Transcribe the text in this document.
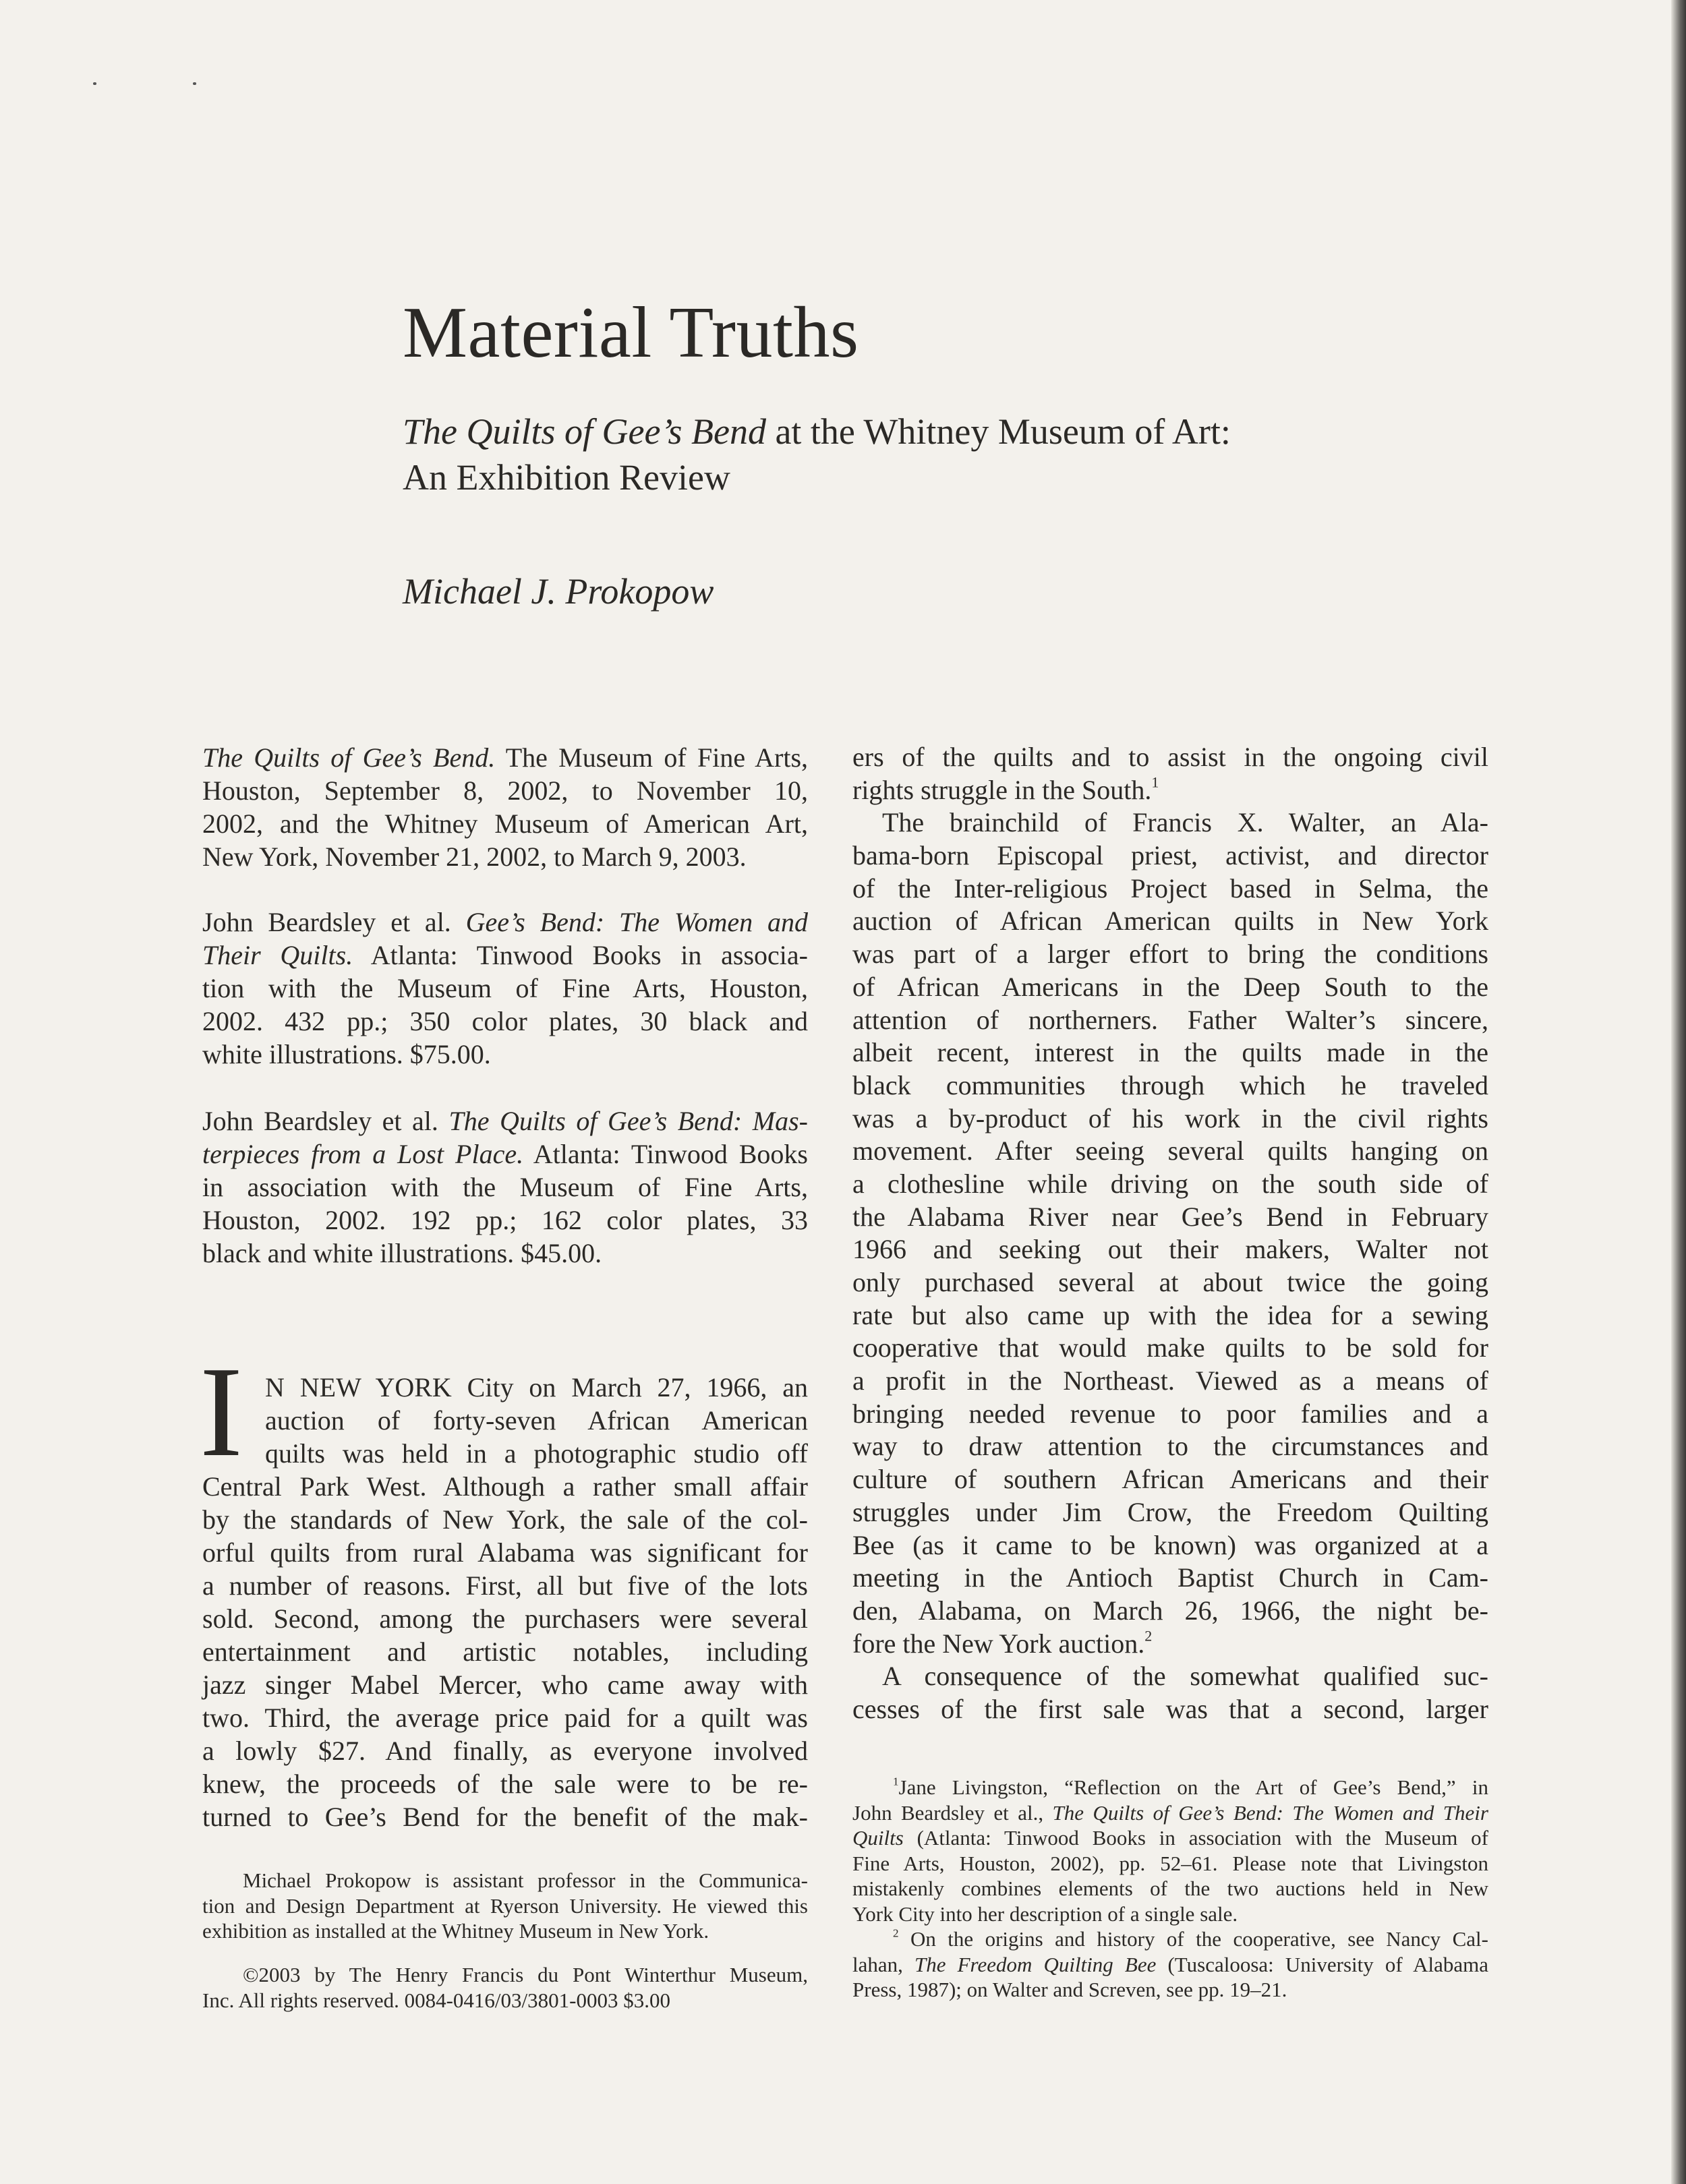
Material Truths
The Quilts of Gee’s Bend at the Whitney Museum of Art:
An Exhibition Review
Michael J. Prokopow
The Quilts of Gee’s Bend. The Museum of Fine Arts,
Houston, September 8, 2002, to November 10,
2002, and the Whitney Museum of American Art,
New York, November 21, 2002, to March 9, 2003.
John Beardsley et al. Gee’s Bend: The Women and
Their Quilts. Atlanta: Tinwood Books in associa-
tion with the Museum of Fine Arts, Houston,
2002. 432 pp.; 350 color plates, 30 black and
white illustrations. $75.00.
John Beardsley et al. The Quilts of Gee’s Bend: Mas-
terpieces from a Lost Place. Atlanta: Tinwood Books
in association with the Museum of Fine Arts,
Houston, 2002. 192 pp.; 162 color plates, 33
black and white illustrations. $45.00.
I N NEW YORK City on March 27, 1966, an
auction of forty-seven African American
quilts was held in a photographic studio off
Central Park West. Although a rather small affair
by the standards of New York, the sale of the col-
orful quilts from rural Alabama was significant for
a number of reasons. First, all but five of the lots
sold. Second, among the purchasers were several
entertainment and artistic notables, including
jazz singer Mabel Mercer, who came away with
two. Third, the average price paid for a quilt was
a lowly $27. And finally, as everyone involved
knew, the proceeds of the sale were to be re-
turned to Gee’s Bend for the benefit of the mak-
Michael Prokopow is assistant professor in the Communica-
tion and Design Department at Ryerson University. He viewed this
exhibition as installed at the Whitney Museum in New York.
©2003 by The Henry Francis du Pont Winterthur Museum,
Inc. All rights reserved. 0084-0416/03/3801-0003 $3.00
ers of the quilts and to assist in the ongoing civil
rights struggle in the South.$^1$
The brainchild of Francis X. Walter, an Ala-
bama-born Episcopal priest, activist, and director
of the Inter-religious Project based in Selma, the
auction of African American quilts in New York
was part of a larger effort to bring the conditions
of African Americans in the Deep South to the
attention of northerners. Father Walter’s sincere,
albeit recent, interest in the quilts made in the
black communities through which he traveled
was a by-product of his work in the civil rights
movement. After seeing several quilts hanging on
a clothesline while driving on the south side of
the Alabama River near Gee’s Bend in February
1966 and seeking out their makers, Walter not
only purchased several at about twice the going
rate but also came up with the idea for a sewing
cooperative that would make quilts to be sold for
a profit in the Northeast. Viewed as a means of
bringing needed revenue to poor families and a
way to draw attention to the circumstances and
culture of southern African Americans and their
struggles under Jim Crow, the Freedom Quilting
Bee (as it came to be known) was organized at a
meeting in the Antioch Baptist Church in Cam-
den, Alabama, on March 26, 1966, the night be-
fore the New York auction.$^2$
A consequence of the somewhat qualified suc-
cesses of the first sale was that a second, larger
$^1$Jane Livingston, “Reflection on the Art of Gee’s Bend,” in
John Beardsley et al., The Quilts of Gee’s Bend: The Women and Their
Quilts (Atlanta: Tinwood Books in association with the Museum of
Fine Arts, Houston, 2002), pp. 52–61. Please note that Livingston
mistakenly combines elements of the two auctions held in New
York City into her description of a single sale.
$^2$ On the origins and history of the cooperative, see Nancy Cal-
lahan, The Freedom Quilting Bee (Tuscaloosa: University of Alabama
Press, 1987); on Walter and Screven, see pp. 19–21.
